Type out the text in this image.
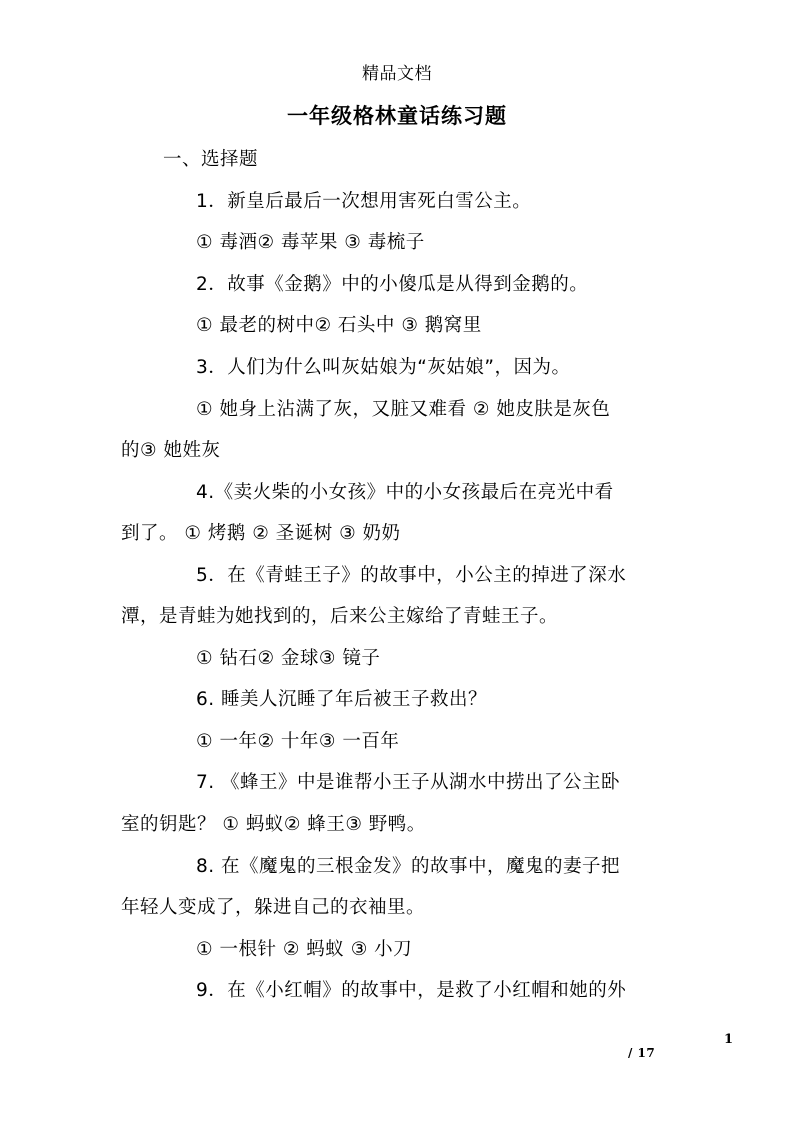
精品文档
一年级格林童话练习题
一、选择题
1．新皇后最后一次想用害死白雪公主。
① 毒酒② 毒苹果 ③ 毒梳子
2．故事《金鹅》中的小傻瓜是从得到金鹅的。
① 最老的树中② 石头中 ③ 鹅窝里
3．人们为什么叫灰姑娘为“灰姑娘”，因为。
① 她身上沾满了灰，又脏又难看 ② 她皮肤是灰色
的③ 她姓灰
4.《卖火柴的小女孩》中的小女孩最后在亮光中看
到了。 ① 烤鹅 ② 圣诞树 ③ 奶奶
5．在《青蛙王子》的故事中，小公主的掉进了深水
潭，是青蛙为她找到的，后来公主嫁给了青蛙王子。
① 钻石② 金球③ 镜子
6. 睡美人沉睡了年后被王子救出？
① 一年② 十年③ 一百年
7. 《蜂王》中是谁帮小王子从湖水中捞出了公主卧
室的钥匙？ ① 蚂蚁② 蜂王③ 野鸭。
8. 在《魔鬼的三根金发》的故事中，魔鬼的妻子把
年轻人变成了，躲进自己的衣袖里。
① 一根针 ② 蚂蚁 ③ 小刀
9．在《小红帽》的故事中，是救了小红帽和她的外
1
/ 17
